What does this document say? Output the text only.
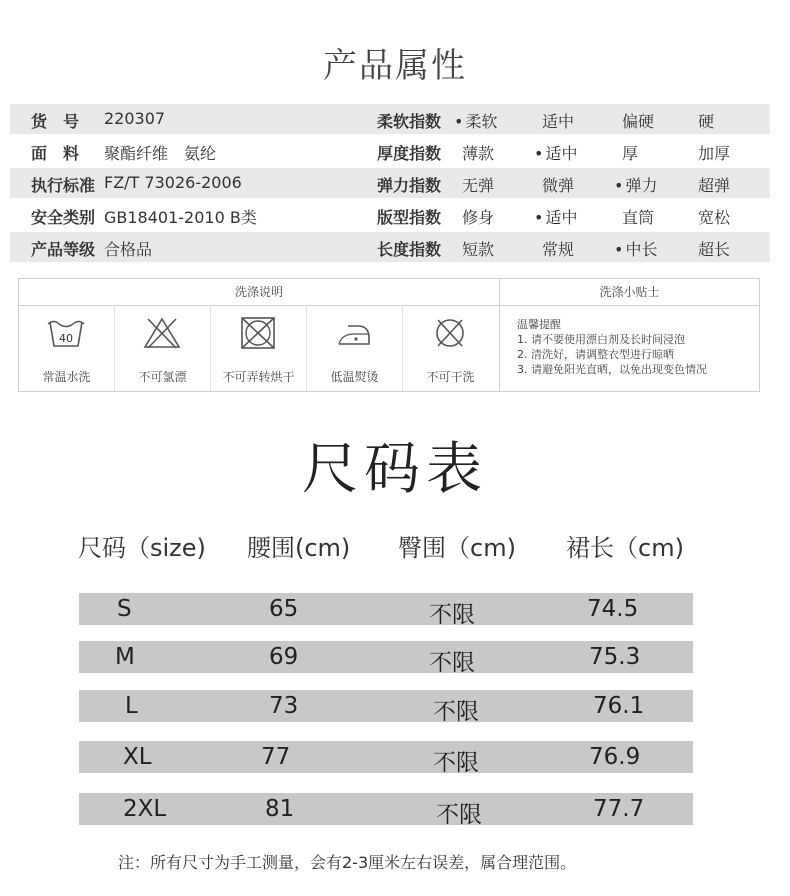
产品属性
货　号 220307	柔软指数	• 柔软	适中	偏硬	硬
面　料 聚酯纤维　氨纶	厚度指数 薄款	• 适中	厚	加厚
执行标准 FZ/T 73026-2006	弹力指数 无弹	微弹	• 弹力	超弹
安全类别 GB18401-2010 B类	版型指数 修身	• 适中	直筒	宽松
产品等级 合格品	长度指数 短款	常规	• 中长	超长
洗涤说明	洗涤小贴士
40
常温水洗	不可氯漂	不可弄转烘干	低温熨烫	不可干洗
温馨提醒
1. 请不要使用漂白剂及长时间浸泡
2. 清洗好，请调整衣型进行晾晒
3. 请避免阳光直晒，以免出现变色情况
尺码表
尺码（size) 腰围(cm) 臀围（cm) 裙长（cm)
S	65	不限	74.5
M	69	不限	75.3
L	73	不限	76.1
XL	77	不限	76.9
2XL	81	不限	77.7
注：所有尺寸为手工测量，会有2-3厘米左右误差，属合理范围。
